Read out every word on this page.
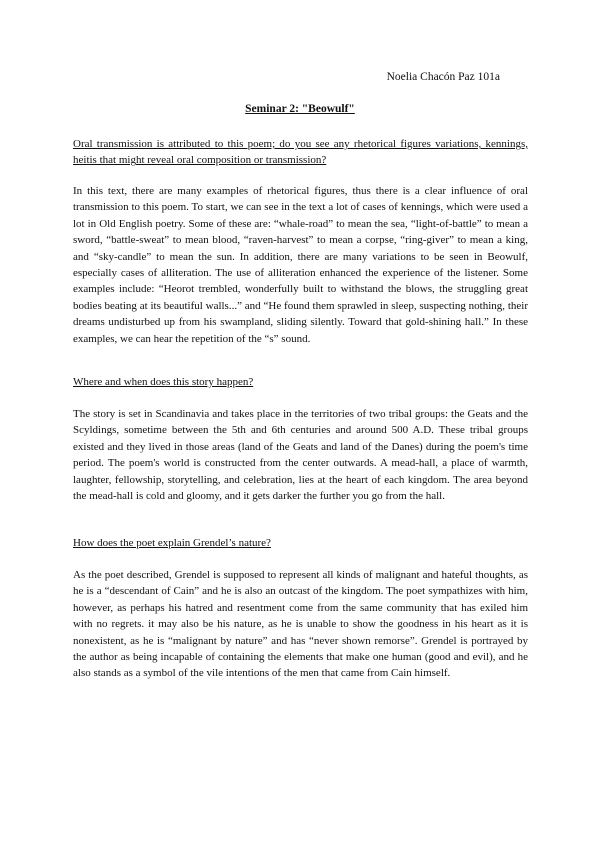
Noelia Chacón Paz 101a
Seminar 2: "Beowulf"

Oral transmission is attributed to this poem; do you see any rhetorical figures variations, kennings, heitis that might reveal oral composition or transmission?

In this text, there are many examples of rhetorical figures, thus there is a clear influence of oral transmission to this poem. To start, we can see in the text a lot of cases of kennings, which were used a lot in Old English poetry. Some of these are: “whale-road” to mean the sea, “light-of-battle” to mean a sword, “battle-sweat” to mean blood, “raven-harvest” to mean a corpse, “ring-giver” to mean a king, and “sky-candle” to mean the sun. In addition, there are many variations to be seen in Beowulf, especially cases of alliteration. The use of alliteration enhanced the experience of the listener. Some examples include: “Heorot trembled, wonderfully built to withstand the blows, the struggling great bodies beating at its beautiful walls...” and “He found them sprawled in sleep, suspecting nothing, their dreams undisturbed up from his swampland, sliding silently. Toward that gold-shining hall.” In these examples, we can hear the repetition of the “s” sound.

Where and when does this story happen?

The story is set in Scandinavia and takes place in the territories of two tribal groups: the Geats and the Scyldings, sometime between the 5th and 6th centuries and around 500 A.D. These tribal groups existed and they lived in those areas (land of the Geats and land of the Danes) during the poem's time period. The poem's world is constructed from the center outwards. A mead-hall, a place of warmth, laughter, fellowship, storytelling, and celebration, lies at the heart of each kingdom. The area beyond the mead-hall is cold and gloomy, and it gets darker the further you go from the hall.

How does the poet explain Grendel’s nature?

As the poet described, Grendel is supposed to represent all kinds of malignant and hateful thoughts, as he is a “descendant of Cain” and he is also an outcast of the kingdom. The poet sympathizes with him, however, as perhaps his hatred and resentment come from the same community that has exiled him with no regrets. it may also be his nature, as he is unable to show the goodness in his heart as it is nonexistent, as he is “malignant by nature” and has “never shown remorse”. Grendel is portrayed by the author as being incapable of containing the elements that make one human (good and evil), and he also stands as a symbol of the vile intentions of the men that came from Cain himself.
